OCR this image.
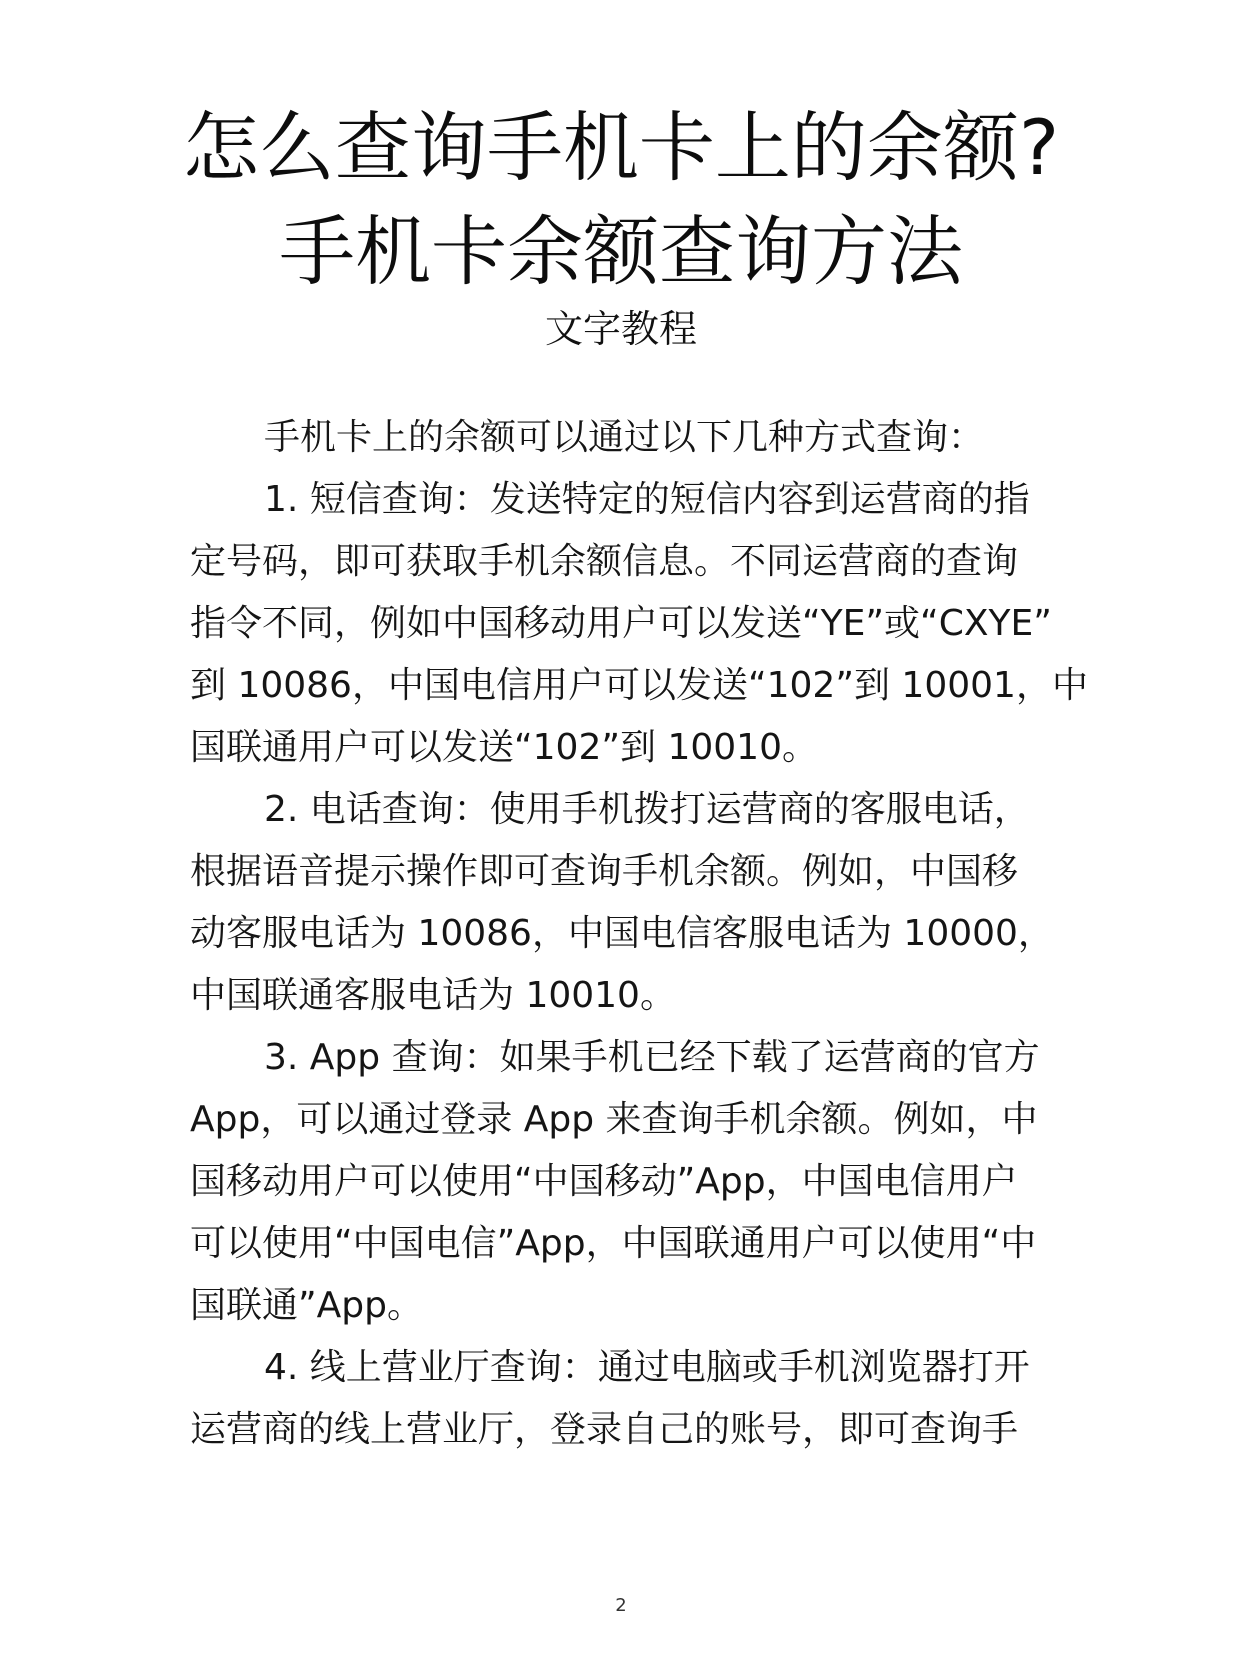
怎么查询手机卡上的余额?
手机卡余额查询方法

文字教程

手机卡上的余额可以通过以下几种方式查询：

1. 短信查询：发送特定的短信内容到运营商的指

定号码，即可获取手机余额信息。不同运营商的查询

指令不同，例如中国移动用户可以发送“YE”或“CXYE”

到 10086，中国电信用户可以发送“102”到 10001，中

国联通用户可以发送“102”到 10010。

2. 电话查询：使用手机拨打运营商的客服电话，

根据语音提示操作即可查询手机余额。例如，中国移

动客服电话为 10086，中国电信客服电话为 10000，

中国联通客服电话为 10010。

3. App 查询：如果手机已经下载了运营商的官方

App，可以通过登录 App 来查询手机余额。例如，中

国移动用户可以使用“中国移动”App，中国电信用户

可以使用“中国电信”App，中国联通用户可以使用“中

国联通”App。

4. 线上营业厅查询：通过电脑或手机浏览器打开

运营商的线上营业厅，登录自己的账号，即可查询手

2
